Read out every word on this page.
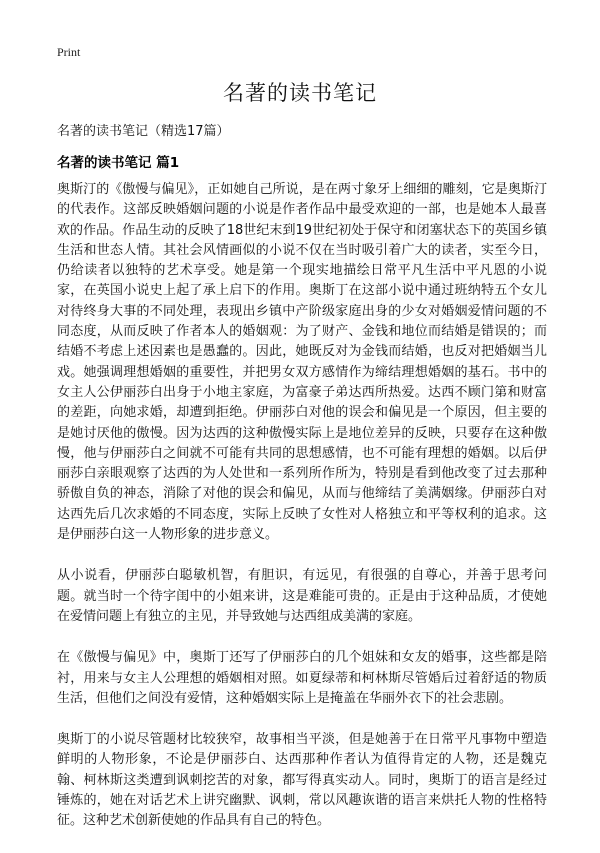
Print
名著的读书笔记
名著的读书笔记（精选17篇）
名著的读书笔记 篇1

奥斯汀的《傲慢与偏见》，正如她自己所说，是在两寸象牙上细细的雕刻，它是奥斯汀的代表作。这部反映婚姻问题的小说是作者作品中最受欢迎的一部，也是她本人最喜欢的作品。作品生动的反映了18世纪末到19世纪初处于保守和闭塞状态下的英国乡镇生活和世态人情。其社会风情画似的小说不仅在当时吸引着广大的读者，实至今日，仍给读者以独特的艺术享受。她是第一个现实地描绘日常平凡生活中平凡恩的小说家，在英国小说史上起了承上启下的作用。奥斯丁在这部小说中通过班纳特五个女儿对待终身大事的不同处理，表现出乡镇中产阶级家庭出身的少女对婚姻爱情问题的不同态度，从而反映了作者本人的婚姻观：为了财产、金钱和地位而结婚是错误的；而结婚不考虑上述因素也是愚蠢的。因此，她既反对为金钱而结婚，也反对把婚姻当儿戏。她强调理想婚姻的重要性，并把男女双方感情作为缔结理想婚姻的基石。书中的女主人公伊丽莎白出身于小地主家庭，为富豪子弟达西所热爱。达西不顾门第和财富的差距，向她求婚，却遭到拒绝。伊丽莎白对他的误会和偏见是一个原因，但主要的是她讨厌他的傲慢。因为达西的这种傲慢实际上是地位差异的反映，只要存在这种傲慢，他与伊丽莎白之间就不可能有共同的思想感情，也不可能有理想的婚姻。以后伊丽莎白亲眼观察了达西的为人处世和一系列所作所为，特别是看到他改变了过去那种骄傲自负的神态，消除了对他的误会和偏见，从而与他缔结了美满姻缘。伊丽莎白对达西先后几次求婚的不同态度，实际上反映了女性对人格独立和平等权利的追求。这是伊丽莎白这一人物形象的进步意义。

从小说看，伊丽莎白聪敏机智，有胆识，有远见，有很强的自尊心，并善于思考问题。就当时一个待字闺中的小姐来讲，这是难能可贵的。正是由于这种品质，才使她在爱情问题上有独立的主见，并导致她与达西组成美满的家庭。

在《傲慢与偏见》中，奥斯丁还写了伊丽莎白的几个姐妹和女友的婚事，这些都是陪衬，用来与女主人公理想的婚姻相对照。如夏绿蒂和柯林斯尽管婚后过着舒适的物质生活，但他们之间没有爱情，这种婚姻实际上是掩盖在华丽外衣下的社会悲剧。

奥斯丁的小说尽管题材比较狭窄，故事相当平淡，但是她善于在日常平凡事物中塑造鲜明的人物形象，不论是伊丽莎白、达西那种作者认为值得肯定的人物，还是魏克翰、柯林斯这类遭到讽刺挖苦的对象，都写得真实动人。同时，奥斯丁的语言是经过锤炼的，她在对话艺术上讲究幽默、讽刺，常以风趣诙谐的语言来烘托人物的性格特征。这种艺术创新使她的作品具有自己的特色。
